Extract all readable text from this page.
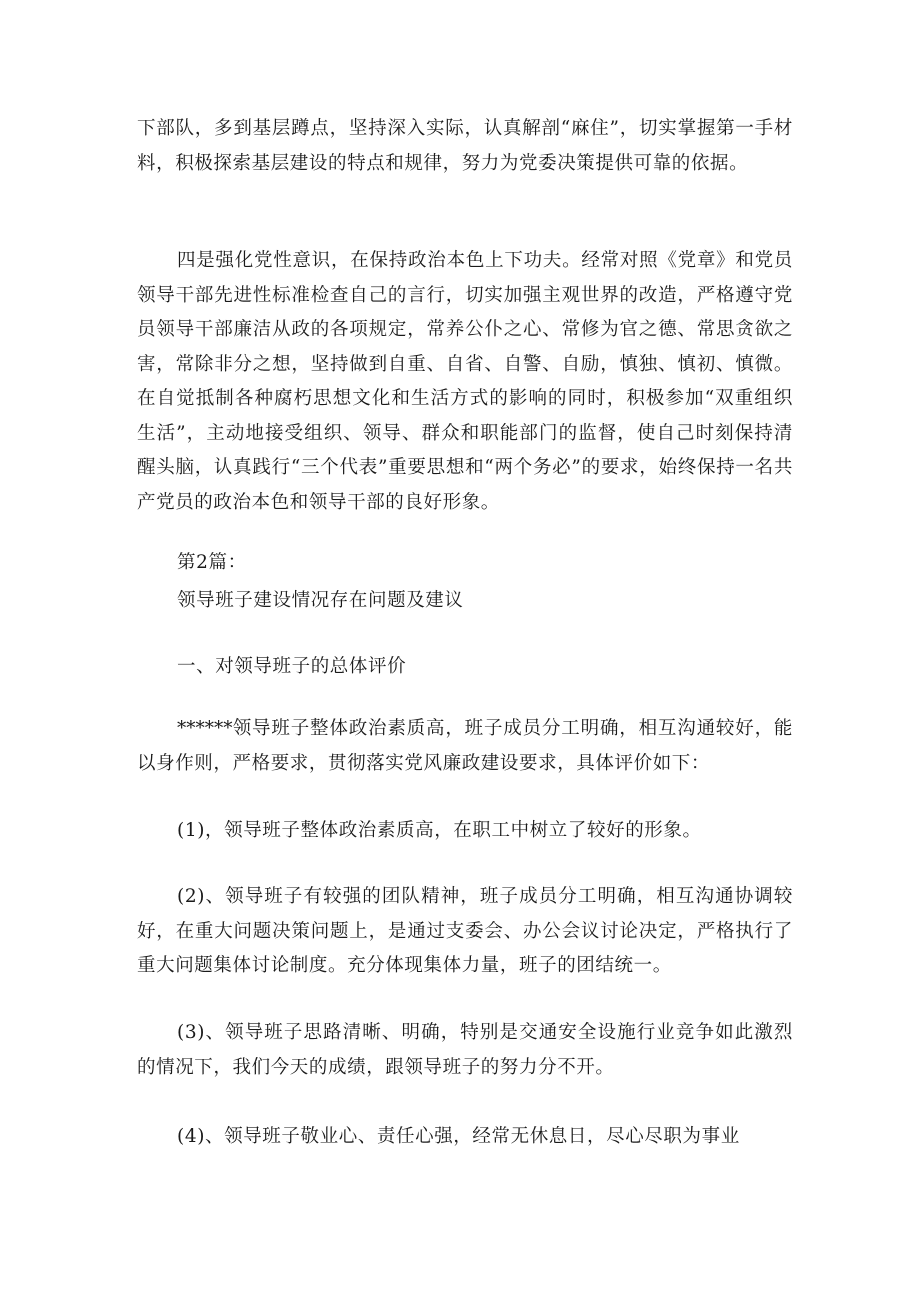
下部队，多到基层蹲点，坚持深入实际，认真解剖“麻住”，切实掌握第一手材料，积极探索基层建设的特点和规律，努力为党委决策提供可靠的依据。

四是强化党性意识，在保持政治本色上下功夫。经常对照《党章》和党员领导干部先进性标准检查自己的言行，切实加强主观世界的改造，严格遵守党员领导干部廉洁从政的各项规定，常养公仆之心、常修为官之德、常思贪欲之害，常除非分之想，坚持做到自重、自省、自警、自励，慎独、慎初、慎微。在自觉抵制各种腐朽思想文化和生活方式的影响的同时，积极参加“双重组织生活”，主动地接受组织、领导、群众和职能部门的监督，使自己时刻保持清醒头脑，认真践行“三个代表”重要思想和“两个务必”的要求，始终保持一名共产党员的政治本色和领导干部的良好形象。

第2篇：

领导班子建设情况存在问题及建议

一、对领导班子的总体评价

******领导班子整体政治素质高，班子成员分工明确，相互沟通较好，能以身作则，严格要求，贯彻落实党风廉政建设要求，具体评价如下：

(1)，领导班子整体政治素质高，在职工中树立了较好的形象。

(2)、领导班子有较强的团队精神，班子成员分工明确，相互沟通协调较好，在重大问题决策问题上，是通过支委会、办公会议讨论决定，严格执行了重大问题集体讨论制度。充分体现集体力量，班子的团结统一。

(3)、领导班子思路清晰、明确，特别是交通安全设施行业竞争如此激烈的情况下，我们今天的成绩，跟领导班子的努力分不开。

(4)、领导班子敬业心、责任心强，经常无休息日，尽心尽职为事业
